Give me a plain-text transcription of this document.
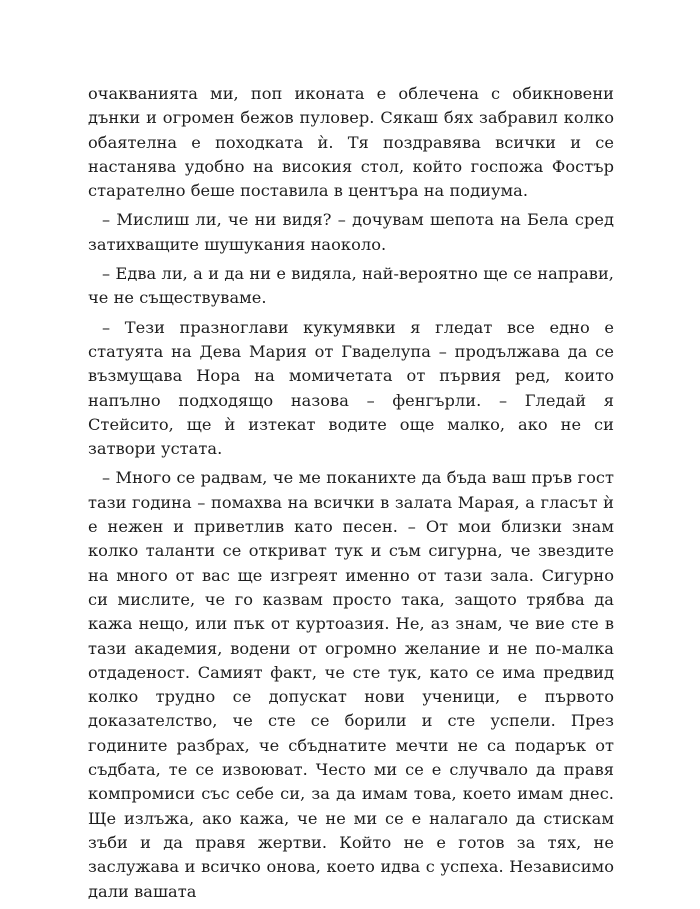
очакванията ми, поп иконата е облечена с обикновени дънки и огромен бежов пуловер. Сякаш бях забравил колко обаятелна е походката ѝ. Тя поздравява всички и се настанява удобно на високия стол, който госпожа Фостър старателно беше поставила в центъра на подиума.

– Мислиш ли, че ни видя? – дочувам шепота на Бела сред затихващите шушукания наоколо.

– Едва ли, а и да ни е видяла, най-вероятно ще се направи, че не съществуваме.

– Тези празноглави кукумявки я гледат все едно е статуята на Дева Мария от Гваделупа – продължава да се възмущава Нора на момичетата от първия ред, които напълно подходящо назова – фенгърли. – Гледай я Стейсито, ще ѝ изтекат водите още малко, ако не си затвори устата.

– Много се радвам, че ме поканихте да бъда ваш пръв гост тази година – помахва на всички в залата Марая, а гласът ѝ е нежен и приветлив като песен. – От мои близки знам колко таланти се откриват тук и съм сигурна, че звездите на много от вас ще изгреят именно от тази зала. Сигурно си мислите, че го казвам просто така, защото трябва да кажа нещо, или пък от куртоазия. Не, аз знам, че вие сте в тази академия, водени от огромно желание и не по-малка отдаденост. Самият факт, че сте тук, като се има предвид колко трудно се допускат нови ученици, е първото доказателство, че сте се борили и сте успели. През годините разбрах, че сбъднатите мечти не са подарък от съдбата, те се извоюват. Често ми се е случвало да правя компромиси със себе си, за да имам това, което имам днес. Ще излъжа, ако кажа, че не ми се е налагало да стискам зъби и да правя жертви. Който не е готов за тях, не заслужава и всичко онова, което идва с успеха. Независимо дали вашата
